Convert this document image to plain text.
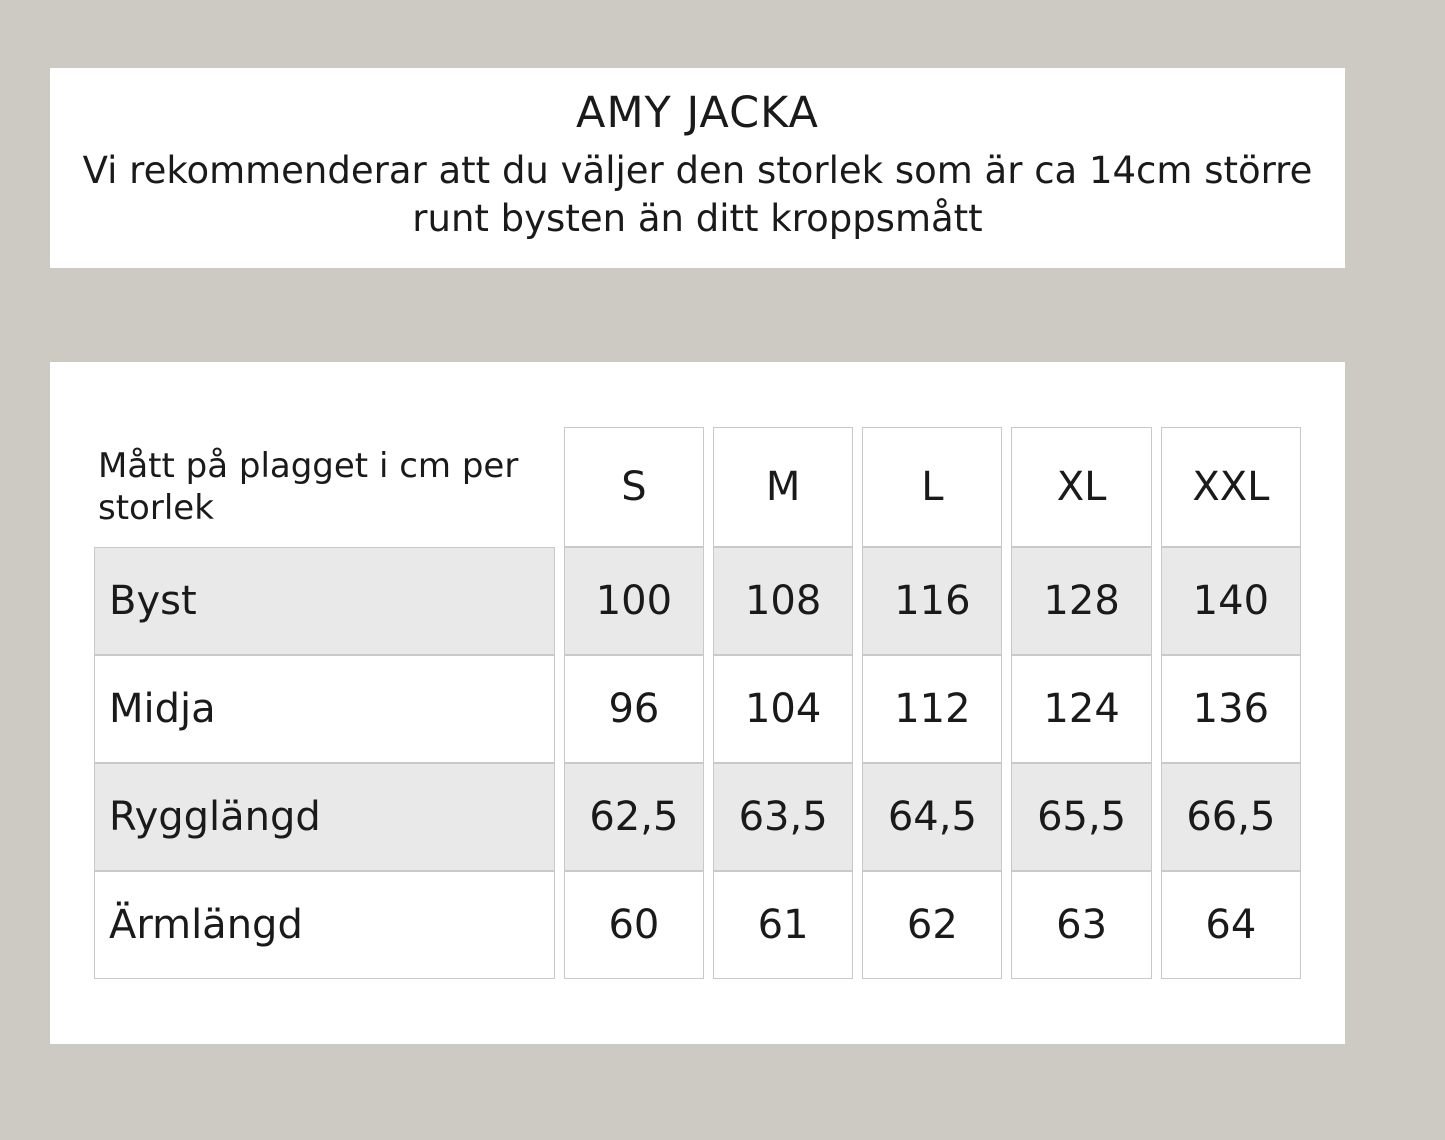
AMY JACKA

Vi rekommenderar att du väljer den storlek som är ca 14cm större runt bysten än ditt kroppsmått

Mått på plagget i cm per storlek	S	M	L	XL	XXL
Byst	100	108	116	128	140
Midja	96	104	112	124	136
Rygglängd	62,5	63,5	64,5	65,5	66,5
Ärmlängd	60	61	62	63	64
